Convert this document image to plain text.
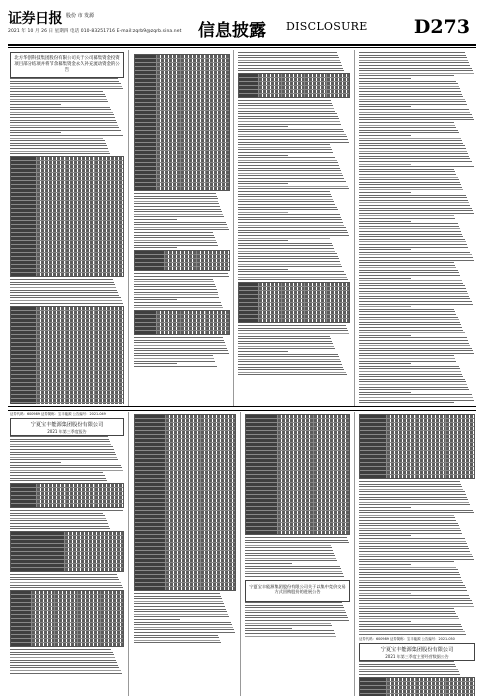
证券日报 股份 市 发源
2021 年 10 月 26 日 星期四 电话 010-83251716 E-mail:zqrb9@zqrb.sina.net 信息披露 DISCLOSURE D273
北方华创科技集团股份有限公司关于公司募集资金投资项目部分结项并将节余募集资金永久补充流动资金的公告
证券代码：600989 证券简称：宝丰能源 公告编号：2021-049
宁夏宝丰能源集团股份有限公司
2021 年第三季度报告
宁夏宝丰能源集团股份有限公司关于以集中竞价交易方式回购股份的进展公告
证券代码：600989 证券简称：宝丰能源 公告编号：2021-050
宁夏宝丰能源集团股份有限公司
2021 年第三季度主要经营数据公告
